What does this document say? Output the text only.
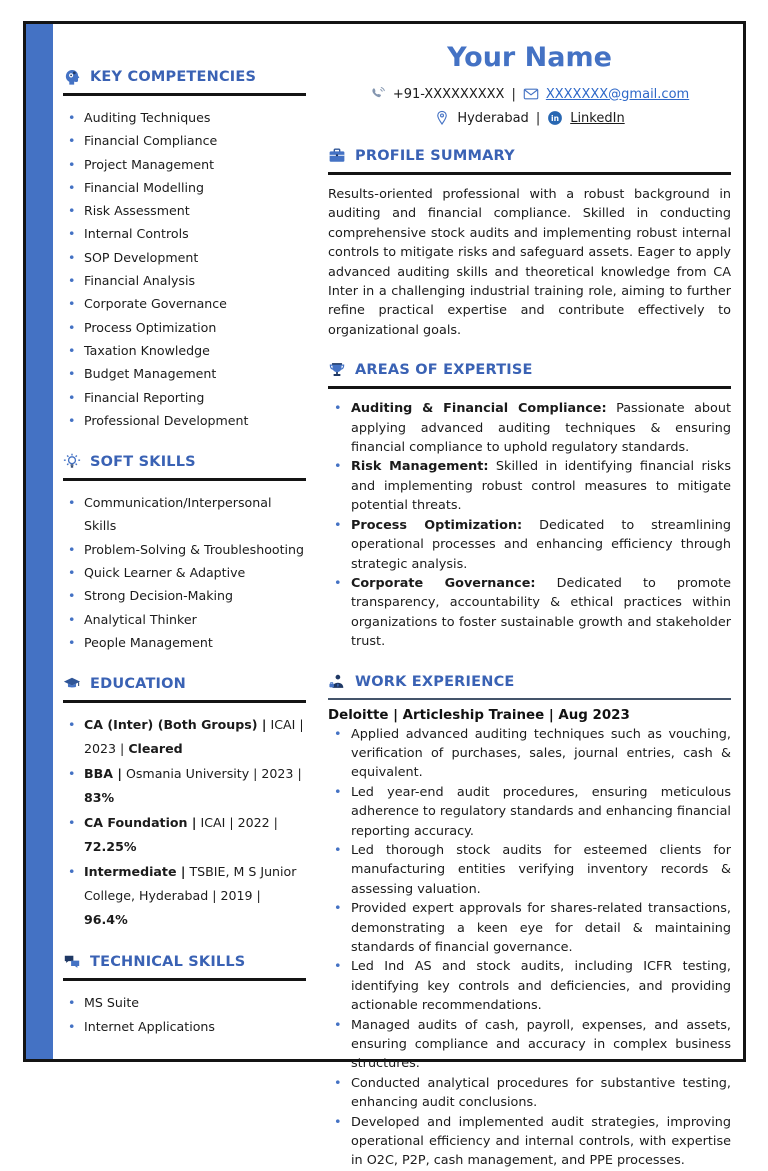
KEY COMPETENCIES
• Auditing Techniques
• Financial Compliance
• Project Management
• Financial Modelling
• Risk Assessment
• Internal Controls
• SOP Development
• Financial Analysis
• Corporate Governance
• Process Optimization
• Taxation Knowledge
• Budget Management
• Financial Reporting
• Professional Development
SOFT SKILLS
• Communication/Interpersonal Skills
• Problem-Solving & Troubleshooting
• Quick Learner & Adaptive
• Strong Decision-Making
• Analytical Thinker
• People Management
EDUCATION
• CA (Inter) (Both Groups) | ICAI | 2023 | Cleared
• BBA | Osmania University | 2023 | 83%
• CA Foundation | ICAI | 2022 | 72.25%
• Intermediate | TSBIE, M S Junior College, Hyderabad | 2019 | 96.4%
TECHNICAL SKILLS
• MS Suite
• Internet Applications
Your Name
+91-XXXXXXXXX | XXXXXXX@gmail.com
Hyderabad | in LinkedIn
PROFILE SUMMARY

Results-oriented professional with a robust background in auditing and financial compliance. Skilled in conducting comprehensive stock audits and implementing robust internal controls to mitigate risks and safeguard assets. Eager to apply advanced auditing skills and theoretical knowledge from CA Inter in a challenging industrial training role, aiming to further refine practical expertise and contribute effectively to organizational goals.

AREAS OF EXPERTISE
• Auditing & Financial Compliance: Passionate about applying advanced auditing techniques & ensuring financial compliance to uphold regulatory standards.
• Risk Management: Skilled in identifying financial risks and implementing robust control measures to mitigate potential threats.
• Process Optimization: Dedicated to streamlining operational processes and enhancing efficiency through strategic analysis.
• Corporate Governance: Dedicated to promote transparency, accountability & ethical practices within organizations to foster sustainable growth and stakeholder trust.
WORK EXPERIENCE
Deloitte | Articleship Trainee | Aug 2023
• Applied advanced auditing techniques such as vouching, verification of purchases, sales, journal entries, cash & equivalent.
• Led year-end audit procedures, ensuring meticulous adherence to regulatory standards and enhancing financial reporting accuracy.
• Led thorough stock audits for esteemed clients for manufacturing entities verifying inventory records & assessing valuation.
• Provided expert approvals for shares-related transactions, demonstrating a keen eye for detail & maintaining standards of financial governance.
• Led Ind AS and stock audits, including ICFR testing, identifying key controls and deficiencies, and providing actionable recommendations.
• Managed audits of cash, payroll, expenses, and assets, ensuring compliance and accuracy in complex business structures.
• Conducted analytical procedures for substantive testing, enhancing audit conclusions.
• Developed and implemented audit strategies, improving operational efficiency and internal controls, with expertise in O2C, P2P, cash management, and PPE processes.
